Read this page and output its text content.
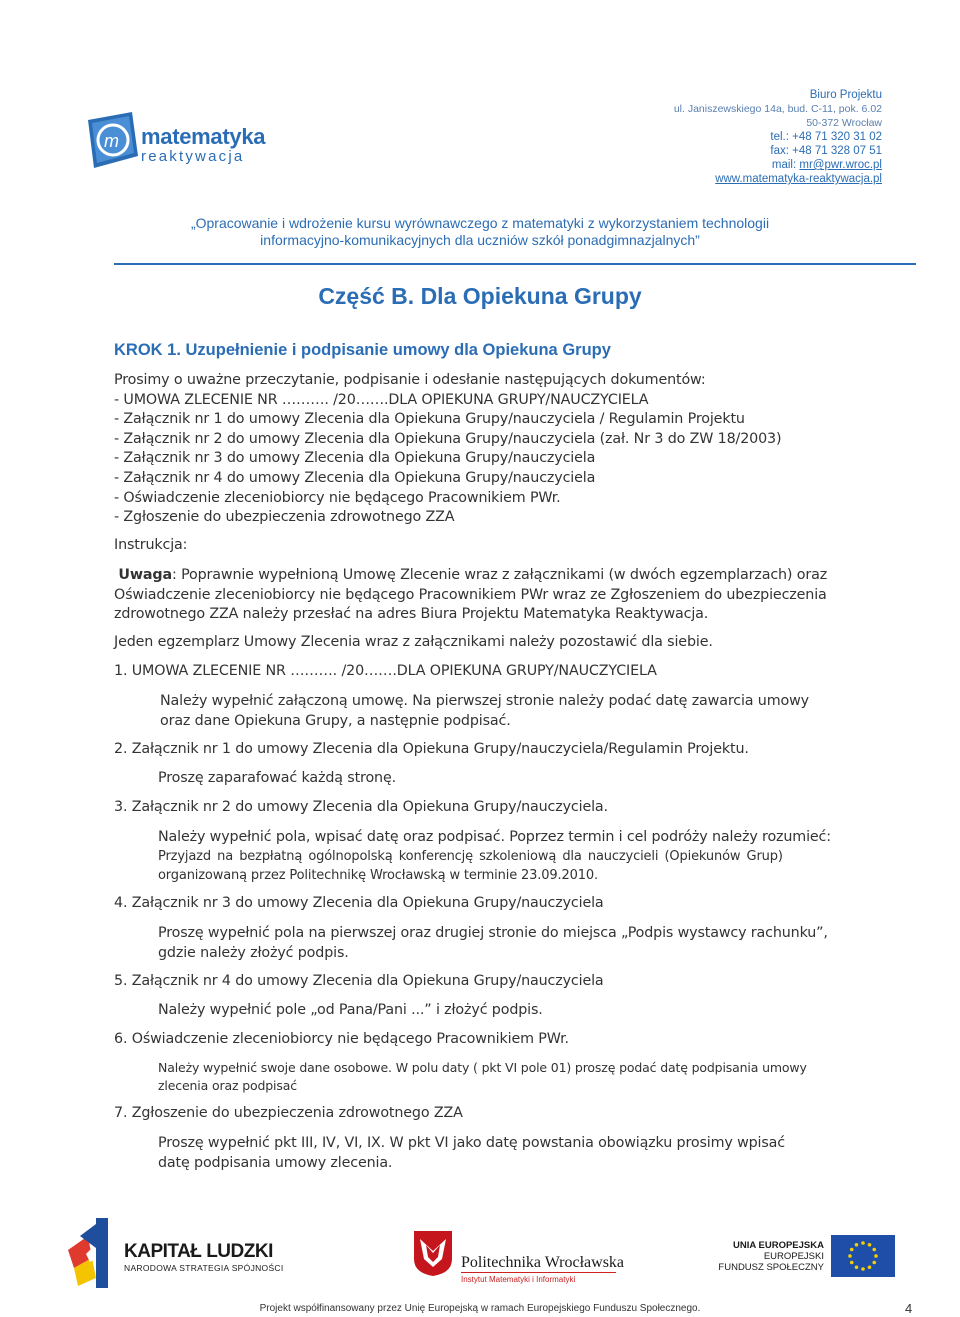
m matematyka
reaktywacja
Biuro Projektu
ul. Janiszewskiego 14a, bud. C-11, pok. 6.02
50-372 Wrocław
tel.: +48 71 320 31 02
fax: +48 71 328 07 51
mail: mr@pwr.wroc.pl
www.matematyka-reaktywacja.pl
„Opracowanie i wdrożenie kursu wyrównawczego z matematyki z wykorzystaniem technologii
informacyjno-komunikacyjnych dla uczniów szkół ponadgimnazjalnych”
Część B. Dla Opiekuna Grupy
KROK 1. Uzupełnienie i podpisanie umowy dla Opiekuna Grupy
Prosimy o uważne przeczytanie, podpisanie i odesłanie następujących dokumentów:
- UMOWA ZLECENIE NR ………. /20…….DLA OPIEKUNA GRUPY/NAUCZYCIELA
- Załącznik nr 1 do umowy Zlecenia dla Opiekuna Grupy/nauczyciela / Regulamin Projektu
- Załącznik nr 2 do umowy Zlecenia dla Opiekuna Grupy/nauczyciela (zał. Nr 3 do ZW 18/2003)
- Załącznik nr 3 do umowy Zlecenia dla Opiekuna Grupy/nauczyciela
- Załącznik nr 4 do umowy Zlecenia dla Opiekuna Grupy/nauczyciela
- Oświadczenie zleceniobiorcy nie będącego Pracownikiem PWr.
- Zgłoszenie do ubezpieczenia zdrowotnego ZZA
Instrukcja:
Uwaga: Poprawnie wypełnioną Umowę Zlecenie wraz z załącznikami (w dwóch egzemplarzach) oraz
Oświadczenie zleceniobiorcy nie będącego Pracownikiem PWr wraz ze Zgłoszeniem do ubezpieczenia
zdrowotnego ZZA należy przesłać na adres Biura Projektu Matematyka Reaktywacja.
Jeden egzemplarz Umowy Zlecenia wraz z załącznikami należy pozostawić dla siebie.
1. UMOWA ZLECENIE NR ………. /20…….DLA OPIEKUNA GRUPY/NAUCZYCIELA
Należy wypełnić załączoną umowę. Na pierwszej stronie należy podać datę zawarcia umowy
oraz dane Opiekuna Grupy, a następnie podpisać.
2. Załącznik nr 1 do umowy Zlecenia dla Opiekuna Grupy/nauczyciela/Regulamin Projektu.
Proszę zaparafować każdą stronę.
3. Załącznik nr 2 do umowy Zlecenia dla Opiekuna Grupy/nauczyciela.
Należy wypełnić pola, wpisać datę oraz podpisać. Poprzez termin i cel podróży należy rozumieć:
Przyjazd na bezpłatną ogólnopolską konferencję szkoleniową dla nauczycieli (Opiekunów Grup)
organizowaną przez Politechnikę Wrocławską w terminie 23.09.2010.
4. Załącznik nr 3 do umowy Zlecenia dla Opiekuna Grupy/nauczyciela
Proszę wypełnić pola na pierwszej oraz drugiej stronie do miejsca „Podpis wystawcy rachunku”,
gdzie należy złożyć podpis.
5. Załącznik nr 4 do umowy Zlecenia dla Opiekuna Grupy/nauczyciela
Należy wypełnić pole „od Pana/Pani ...” i złożyć podpis.
6. Oświadczenie zleceniobiorcy nie będącego Pracownikiem PWr.
Należy wypełnić swoje dane osobowe. W polu daty ( pkt VI pole 01) proszę podać datę podpisania umowy
zlecenia oraz podpisać
7. Zgłoszenie do ubezpieczenia zdrowotnego ZZA
Proszę wypełnić pkt III, IV, VI, IX. W pkt VI jako datę powstania obowiązku prosimy wpisać
datę podpisania umowy zlecenia.
KAPITAŁ LUDZKI
NARODOWA STRATEGIA SPÓJNOŚCI	Politechnika Wrocławska
Instytut Matematyki i Informatyki
UNIA EUROPEJSKA
EUROPEJSKI
FUNDUSZ SPOŁECZNY
Projekt współfinansowany przez Unię Europejską w ramach Europejskiego Funduszu Społecznego.	4
